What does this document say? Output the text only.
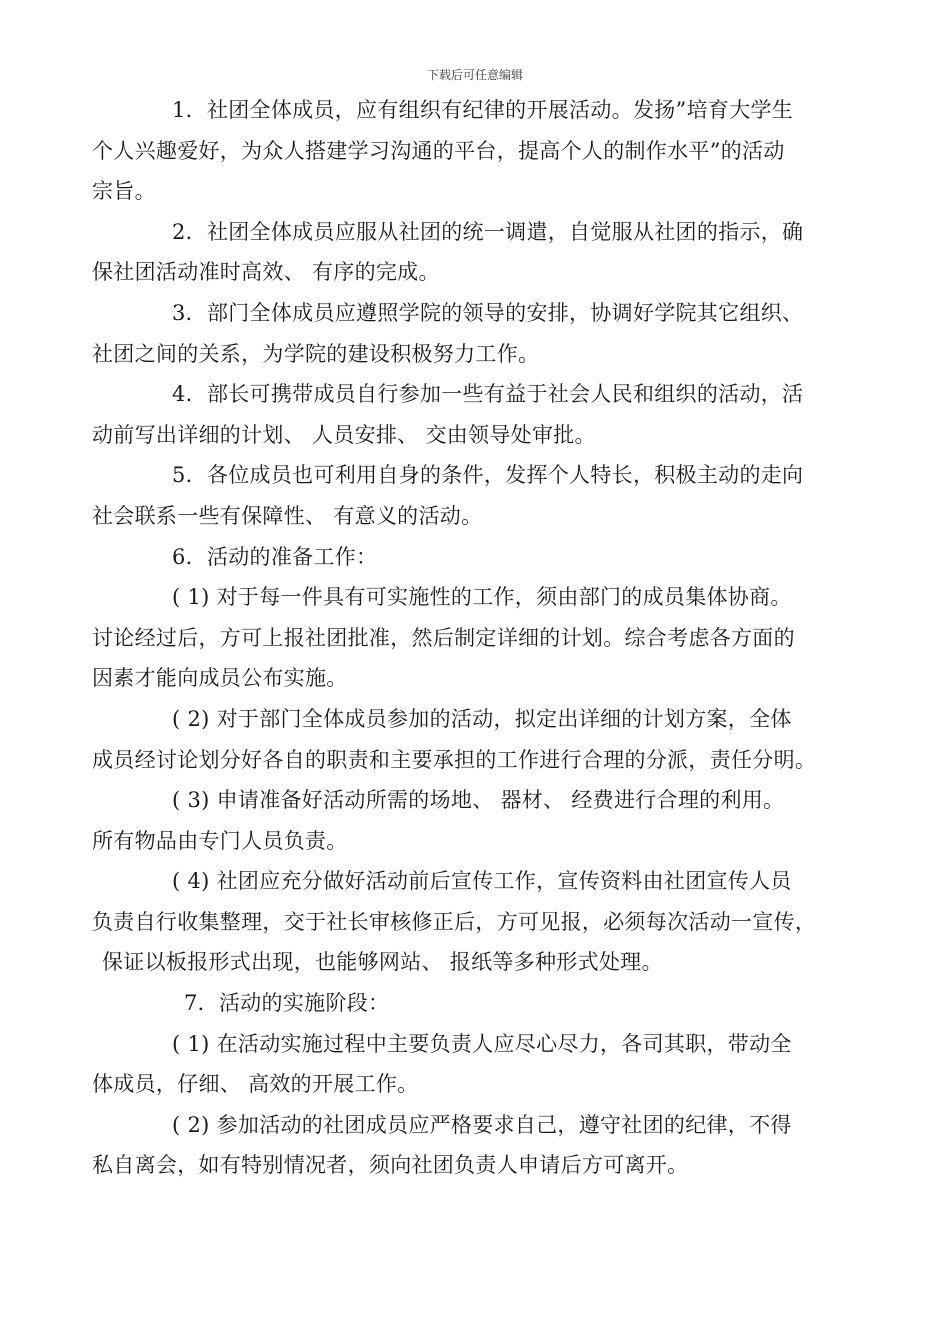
下载后可任意编辑

1．社团全体成员，应有组织有纪律的开展活动。发扬”培育大学生
个人兴趣爱好，为众人搭建学习沟通的平台，提高个人的制作水平”的活动
宗旨。

2．社团全体成员应服从社团的统一调遣，自觉服从社团的指示，确
保社团活动准时高效、 有序的完成。

3．部门全体成员应遵照学院的领导的安排，协调好学院其它组织、
社团之间的关系，为学院的建设积极努力工作。

4．部长可携带成员自行参加一些有益于社会人民和组织的活动，活
动前写出详细的计划、 人员安排、 交由领导处审批。

5．各位成员也可利用自身的条件，发挥个人特长，积极主动的走向
社会联系一些有保障性、 有意义的活动。

6．活动的准备工作：

( 1) 对于每一件具有可实施性的工作，须由部门的成员集体协商。
讨论经过后，方可上报社团批准，然后制定详细的计划。综合考虑各方面的
因素才能向成员公布实施。

( 2) 对于部门全体成员参加的活动，拟定出详细的计划方案，全体
成员经讨论划分好各自的职责和主要承担的工作进行合理的分派，责任分明。

( 3) 申请准备好活动所需的场地、 器材、 经费进行合理的利用。
所有物品由专门人员负责。

( 4) 社团应充分做好活动前后宣传工作，宣传资料由社团宣传人员
负责自行收集整理，交于社长审核修正后，方可见报，必须每次活动一宣传，
保证以板报形式出现，也能够网站、 报纸等多种形式处理。

7．活动的实施阶段：

( 1) 在活动实施过程中主要负责人应尽心尽力，各司其职，带动全
体成员，仔细、 高效的开展工作。

( 2) 参加活动的社团成员应严格要求自己，遵守社团的纪律，不得
私自离会，如有特别情况者，须向社团负责人申请后方可离开。
